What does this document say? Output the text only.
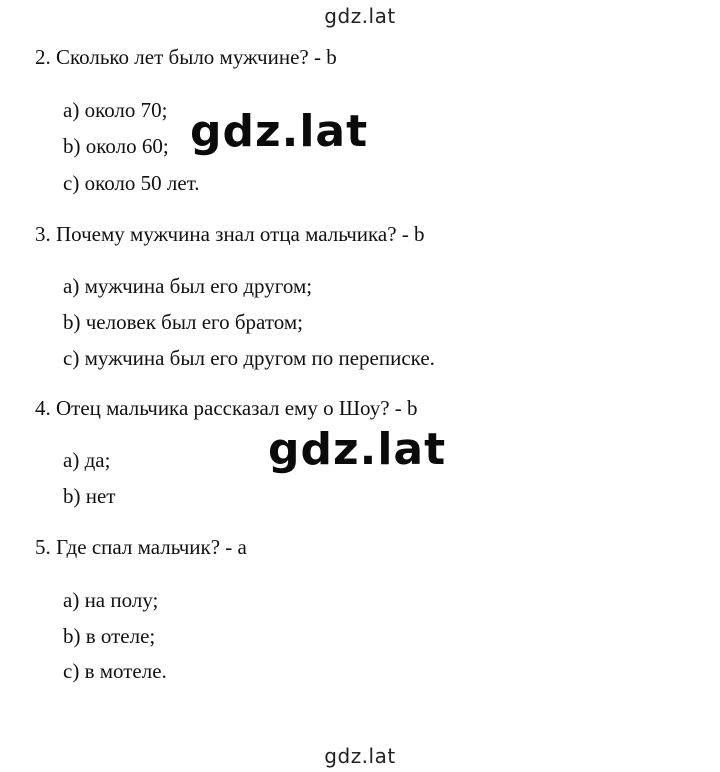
gdz.lat
2. Сколько лет было мужчине? - b
a) около 70;
b) около 60;
c) около 50 лет.
gdz.lat
3. Почему мужчина знал отца мальчика? - b
a) мужчина был его другом;
b) человек был его братом;
c) мужчина был его другом по переписке.
4. Отец мальчика рассказал ему о Шоу? - b
a) да;
b) нет
gdz.lat
5. Где спал мальчик? - a
a) на полу;
b) в отеле;
c) в мотеле.
gdz.lat
